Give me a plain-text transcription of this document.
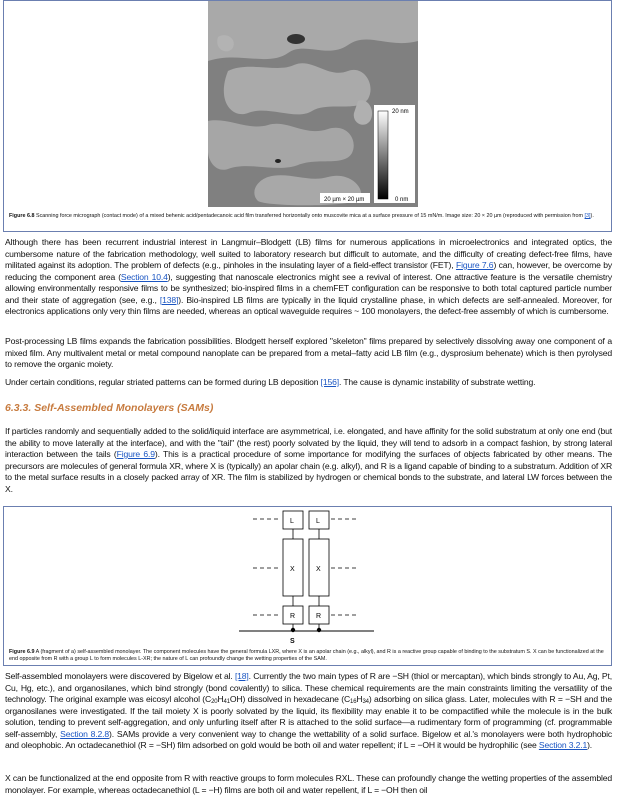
20 nm
0 nm
20 µm × 20 µm
Figure 6.8 Scanning force micrograph (contact mode) of a mixed behenic acid/pentadecanoic acid film transferred horizontally onto muscovite mica at a surface pressure of 15 mN/m. Image size: 20 × 20 µm (reproduced with permission from [3]).
Although there has been recurrent industrial interest in Langmuir–Blodgett (LB) films for numerous applications in microelectronics and integrated optics, the cumbersome nature of the fabrication methodology, well suited to laboratory research but difficult to automate, and the difficulty of creating defect-free films, have militated against its adoption. The problem of defects (e.g., pinholes in the insulating layer of a field-effect transistor (FET), Figure 7.6) can, however, be overcome by reducing the component area (Section 10.4), suggesting that nanoscale electronics might see a revival of interest. One attractive feature is the versatile chemistry allowing environmentally responsive films to be synthesized; bio-inspired films in a chemFET configuration can be responsive to both total captured particle number and their state of aggregation (see, e.g., [138]). Bio-inspired LB films are typically in the liquid crystalline phase, in which defects are self-annealed. Moreover, for electronics applications only very thin films are needed, whereas an optical waveguide requires ~ 100 monolayers, the defect-free assembly of which is cumbersome.
Post-processing LB films expands the fabrication possibilities. Blodgett herself explored "skeleton" films prepared by selectively dissolving away one component of a mixed film. Any multivalent metal or metal compound nanoplate can be prepared from a metal–fatty acid LB film (e.g., dysprosium behenate) which is then pyrolysed to remove the organic moiety.
Under certain conditions, regular striated patterns can be formed during LB deposition [156]. The cause is dynamic instability of substrate wetting.
6.3.3. Self-Assembled Monolayers (SAMs)
If particles randomly and sequentially added to the solid/liquid interface are asymmetrical, i.e. elongated, and have affinity for the solid substratum at only one end (but the ability to move laterally at the interface), and with the "tail" (the rest) poorly solvated by the liquid, they will tend to adsorb in a compact fashion, by strong lateral interaction between the tails (Figure 6.9). This is a practical procedure of some importance for modifying the surfaces of objects fabricated by other means. The precursors are molecules of general formula XR, where X is (typically) an apolar chain (e.g. alkyl), and R is a ligand capable of binding to a substratum. Addition of XR to the metal surface results in a closely packed array of XR. The film is stabilized by hydrogen or chemical bonds to the substrate, and lateral LW forces between the X.
L	L
X	X
R	R
S
Figure 6.9 A (fragment of a) self-assembled monolayer. The component molecules have the general formula LXR, where X is an apolar chain (e.g., alkyl), and R is a reactive group capable of binding to the substratum S. X can be functionalized at the end opposite from R with a group L to form molecules L-XR; the nature of L can profoundly change the wetting properties of the SAM.
Self-assembled monolayers were discovered by Bigelow et al. [18]. Currently the two main types of R are −SH (thiol or mercaptan), which binds strongly to Au, Ag, Pt, Cu, Hg, etc.), and organosilanes, which bind strongly (bond covalently) to silica. These chemical requirements are the main constraints limiting the versatility of the technology. The original example was eicosyl alcohol $(C_{20}H_{41}OH)$ dissolved in hexadecane $(C_{16}H_{34})$ adsorbing on silica glass. Later, molecules with R = −SH and the organosilanes were investigated. If the tail moiety X is poorly solvated by the liquid, its flexibility may enable it to be compactified while the molecule is in the bulk solution, tending to prevent self-aggregation, and only unfurling itself after R is attached to the solid surface—a rudimentary form of programming (cf. programmable self-assembly, Section 8.2.8). SAMs provide a very convenient way to change the wettability of a solid surface. Bigelow et al.'s monolayers were both hydrophobic and oleophobic. An octadecanethiol (R = −SH) film adsorbed on gold would be both oil and water repellent; if L = −OH it would be hydrophilic (see Section 3.2.1).
X can be functionalized at the end opposite from R with reactive groups to form molecules RXL. These can profoundly change the wetting properties of the assembled monolayer. For example, whereas octadecanethiol (L = −H) films are both oil and water repellent, if L = −OH then oil
